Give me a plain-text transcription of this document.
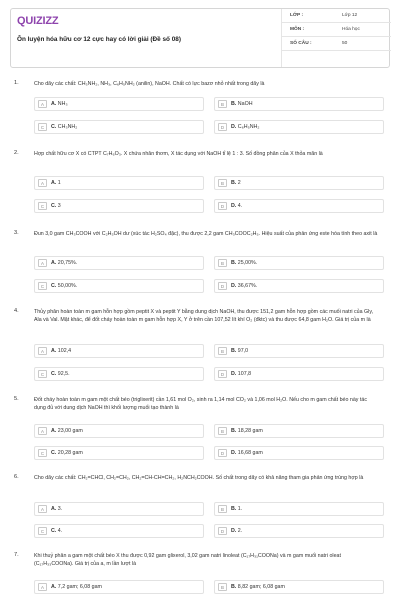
QUIZIZZ
Ôn luyện hóa hữu cơ 12 cực hay có lời giải (Đề số 08)
LỚP :	Lớp 12
MÔN :	Hóa học
SỐ CÂU :	50
1.	Cho dãy các chất: CH₃NH₂, NH₃, C₆H₅NH₂ (anilin), NaOH. Chất có lực bazơ nhỏ nhất trong dãy là
A	A. NH₃	B	B. NaOH
C	C. CH₃NH₂	D	D. C₆H₅NH₂
2.	Hợp chất hữu cơ X có CTPT C₇H₆O₃. X chứa nhân thơm, X tác dụng với NaOH tỉ lệ 1 : 3. Số đồng phân của X thỏa mãn là
A	A. 1	B	B. 2
C	C. 3	D	D. 4.
3.	Đun 3,0 gam CH₃COOH với C₂H₅OH dư (xúc tác H₂SO₄ đặc), thu được 2,2 gam CH₃COOC₂H₅. Hiệu suất của phản ứng este hóa tính theo axit là
A	A. 20,75%.	B	B. 25,00%.
C	C. 50,00%.	D	D. 36,67%.
4.	Thủy phân hoàn toàn m gam hỗn hợp gồm peptit X và peptit Y bằng dung dịch NaOH, thu được 151,2 gam hỗn hợp gồm các muối natri của Gly, Ala và Val. Mặt khác, để đốt cháy hoàn toàn m gam hỗn hợp X, Y ở trên cần 107,52 lít khí O₂ (đktc) và thu được 64,8 gam H₂O. Giá trị của m là
A	A. 102,4	B	B. 97,0
C	C. 92,5.	D	D. 107,8
5.	Đốt cháy hoàn toàn m gam một chất béo (triglixerit) cần 1,61 mol O₂, sinh ra 1,14 mol CO₂ và 1,06 mol H₂O. Nếu cho m gam chất béo này tác dụng đủ với dung dịch NaOH thì khối lượng muối tạo thành là
A	A. 23,00 gam	B	B. 18,28 gam
C	C. 20,28 gam	D	D. 16,68 gam
6.	Cho dãy các chất: CH₂=CHCl, CH₂=CH₂, CH₂=CH-CH=CH₂, H₂NCH₂COOH. Số chất trong dãy có khả năng tham gia phản ứng trùng hợp là
A	A. 3.	B	B. 1.
C	C. 4.	D	D. 2.
7.	Khi thuỷ phân a gam một chất béo X thu được 0,92 gam glixerol, 3,02 gam natri linoleat (C₁₇H₃₁COONa) và m gam muối natri oleat (C₁₇H₃₃COONa). Giá trị của a, m lần lượt là
A	A. 7,2 gam; 6,08 gam	B	B. 8,82 gam; 6,08 gam
